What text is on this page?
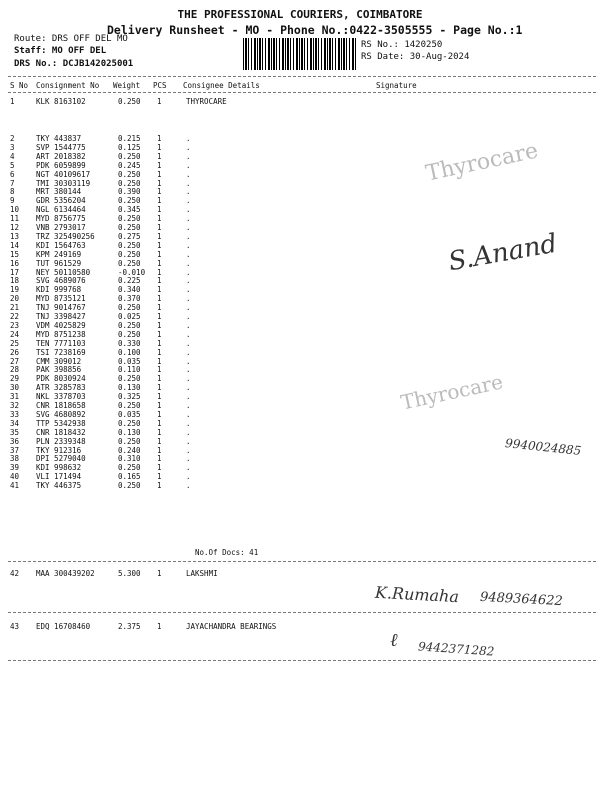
THE PROFESSIONAL COURIERS, COIMBATORE
Delivery Runsheet - MO - Phone No.:0422-3505555 - Page No.:1
Route: DRS OFF DEL MO
Staff: MO OFF DEL
DRS No.: DCJB142025001
RS No.: 1420250
RS Date: 30-Aug-2024
S No Consignment No Weight PCS Consignee Details	Signature
1	KLK 8163102	0.250 1	THYROCARE
2	TKY 443837	0.215 1	.
3	SVP 1544775	0.125 1	.
4	ART 2018382	0.250 1	.
5	PDK 6059899	0.245 1	.
6	NGT 40109617	0.250 1	.
7	TMI 30303119	0.250 1	.
8	MRT 380144	0.390 1	.
9	GDR 5356204	0.250 1	.
10 NGL 6134464	0.345 1	.
11 MYD 8756775	0.250 1	.
12 VNB 2793017	0.250 1	.
13 TRZ 325490256	0.275 1	.
14 KDI 1564763	0.250 1	.
15 KPM 249169	0.250 1	.
16 TUT 961529	0.250 1	.
17 NEY 50110580	-0.010 1	.
18 SVG 4689076	0.225 1	.
19 KDI 999768	0.340 1	.
20 MYD 8735121	0.370 1	.
21 TNJ 9014767	0.250 1	.
22 TNJ 3398427	0.025 1	.
23 VDM 4025829	0.250 1	.
24 MYD 8751238	0.250 1	.
25 TEN 7771103	0.330 1	.
26 TSI 7238169	0.100 1	.
27 CMM 309012	0.035 1	.
28 PAK 398856	0.110 1	.
29 PDK 8030924	0.250 1	.
30 ATR 3285783	0.130 1	.
31 NKL 3378703	0.325 1	.
32 CNR 1818658	0.250 1	.
33 SVG 4680892	0.035 1	.
34 TTP 5342938	0.250 1	.
35 CNR 1818432	0.130 1	.
36 PLN 2339348	0.250 1	.
37 TKY 912316	0.240 1	.
38 DPI 5279040	0.310 1	.
39 KDI 998632	0.250 1	.
40 VLI 171494	0.165 1	.
41 TKY 446375	0.250 1	.
No.Of Docs: 41
42 MAA 300439202	5.300 1	LAKSHMI
43 EDQ 16708460	2.375 1	JAYACHANDRA BEARINGS
Thyrocare
Thyrocare
S.Anand
9940024885
K.Rumaha 9489364622
ℓ 9442371282
